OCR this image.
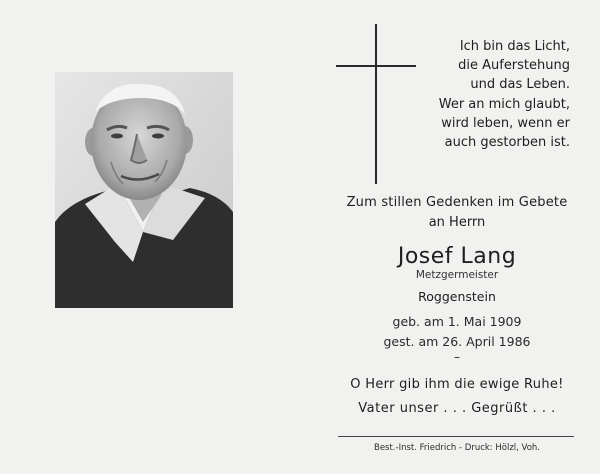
Ich bin das Licht,
die Auferstehung
und das Leben.
Wer an mich glaubt,
wird leben, wenn er
auch gestorben ist.
Zum stillen Gedenken im Gebete
an Herrn
Josef Lang
Metzgermeister
Roggenstein
geb. am 1. Mai 1909
gest. am 26. April 1986
–
O Herr gib ihm die ewige Ruhe!
Vater unser . . . Gegrüßt . . .
Best.-Inst. Friedrich - Druck: Hölzl, Voh.
